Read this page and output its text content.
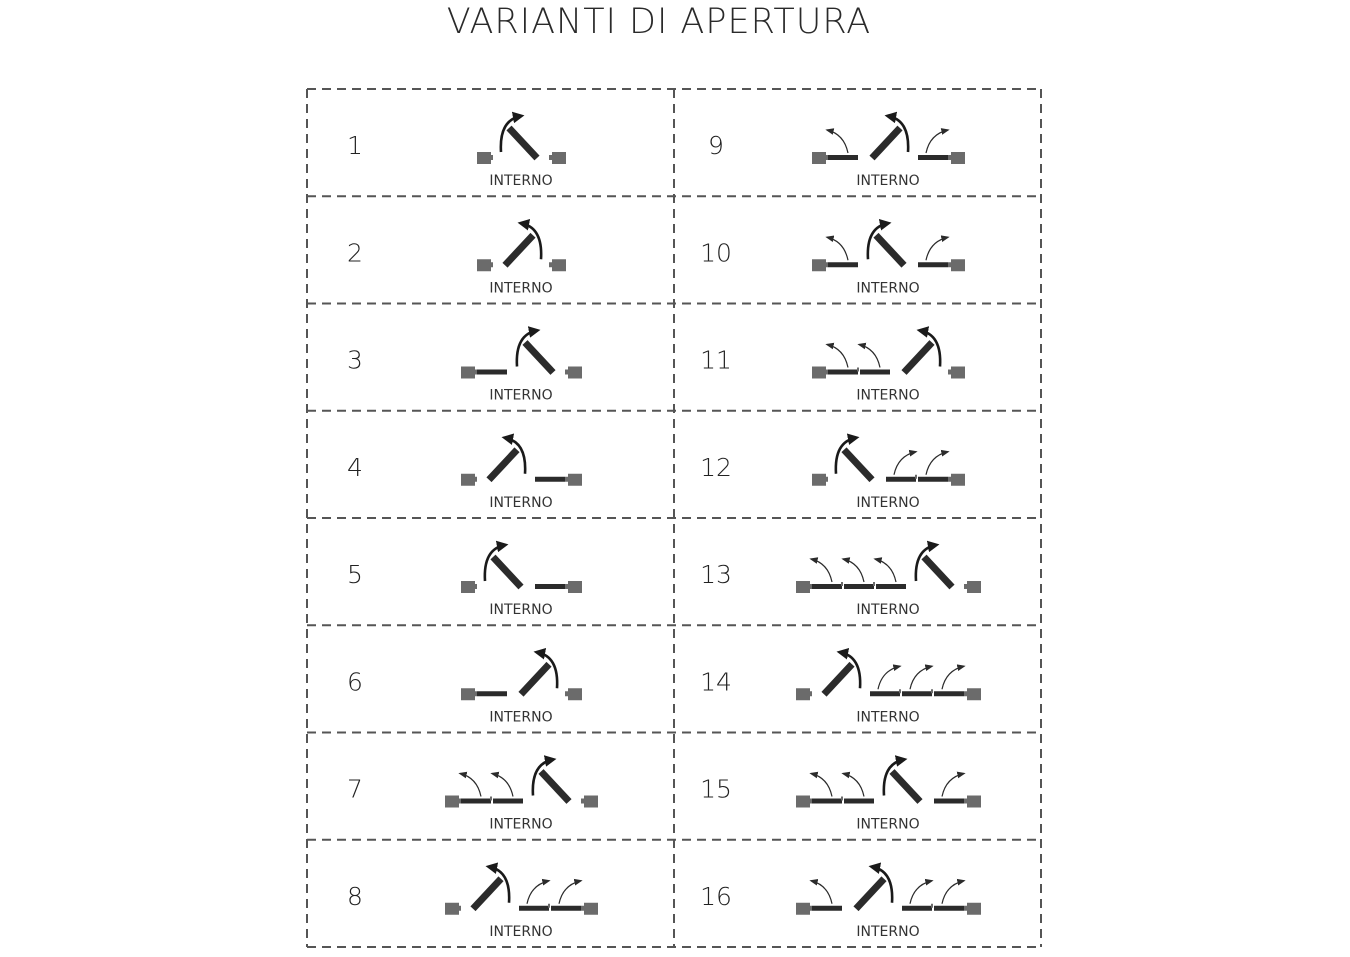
VARIANTI DI APERTURA
1
INTERNO
2
INTERNO
3
INTERNO
4
INTERNO
5
INTERNO
6
INTERNO
7
INTERNO
8
INTERNO
9
INTERNO
10
INTERNO
11
INTERNO
12
INTERNO
13
INTERNO
14
INTERNO
15
INTERNO
16
INTERNO
